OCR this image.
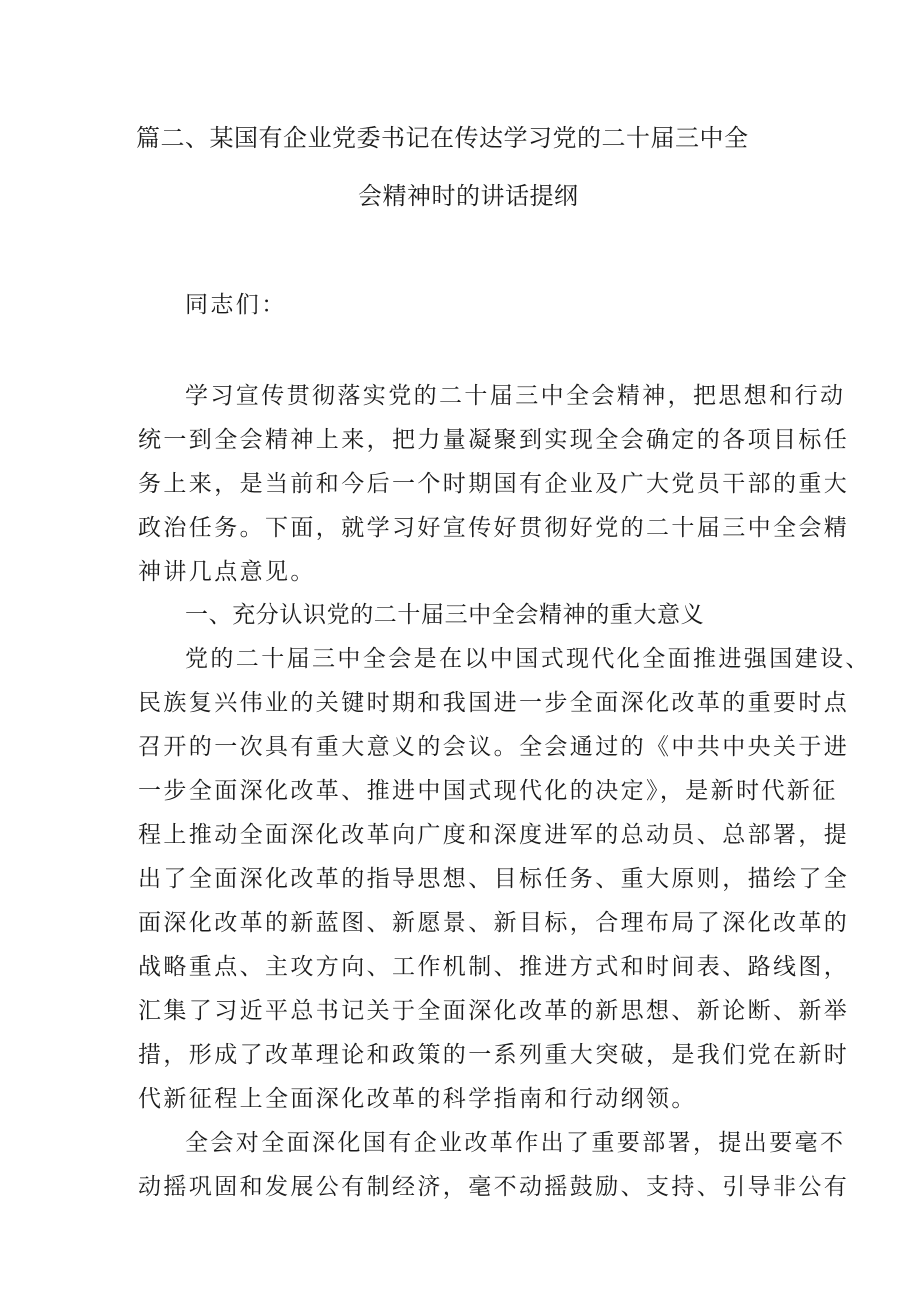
篇二、某国有企业党委书记在传达学习党的二十届三中全
会精神时的讲话提纲
同志们：
学习宣传贯彻落实党的二十届三中全会精神，把思想和行动
统一到全会精神上来，把力量凝聚到实现全会确定的各项目标任
务上来，是当前和今后一个时期国有企业及广大党员干部的重大
政治任务。下面，就学习好宣传好贯彻好党的二十届三中全会精
神讲几点意见。
一、充分认识党的二十届三中全会精神的重大意义
党的二十届三中全会是在以中国式现代化全面推进强国建设、
民族复兴伟业的关键时期和我国进一步全面深化改革的重要时点
召开的一次具有重大意义的会议。全会通过的《中共中央关于进
一步全面深化改革、推进中国式现代化的决定》，是新时代新征
程上推动全面深化改革向广度和深度进军的总动员、总部署，提
出了全面深化改革的指导思想、目标任务、重大原则，描绘了全
面深化改革的新蓝图、新愿景、新目标，合理布局了深化改革的
战略重点、主攻方向、工作机制、推进方式和时间表、路线图，
汇集了习近平总书记关于全面深化改革的新思想、新论断、新举
措，形成了改革理论和政策的一系列重大突破，是我们党在新时
代新征程上全面深化改革的科学指南和行动纲领。
全会对全面深化国有企业改革作出了重要部署，提出要毫不
动摇巩固和发展公有制经济，毫不动摇鼓励、支持、引导非公有
